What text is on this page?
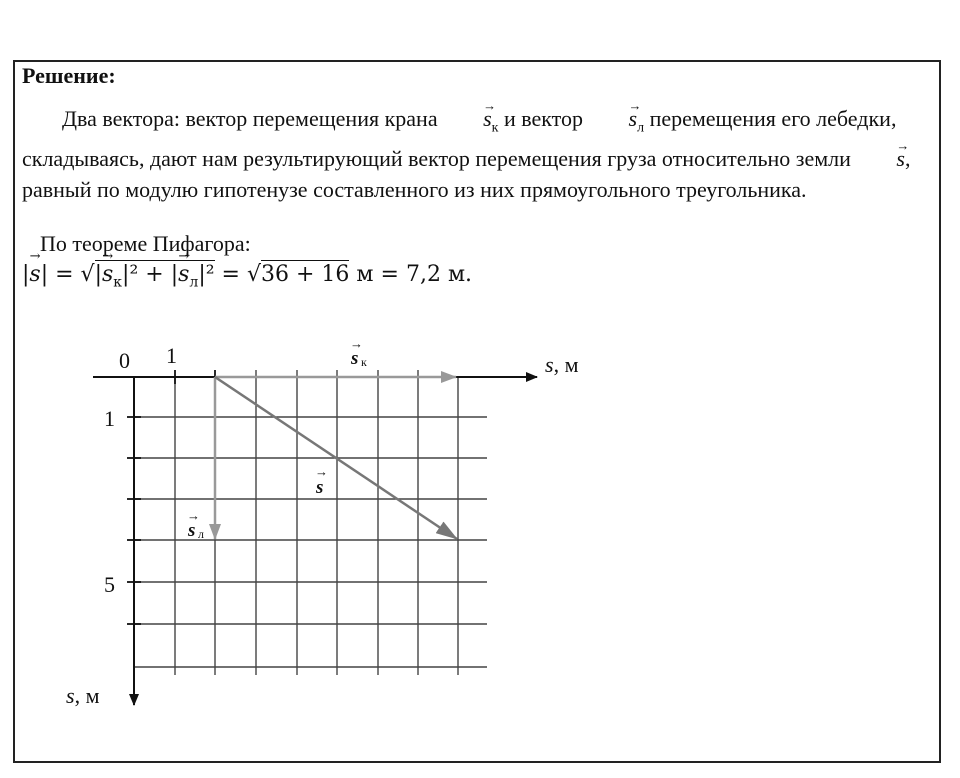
Решение:
Два вектора: вектор перемещения крана → $s_к$ и вектор → $s_л$ перемещения его лебедки, складываясь, дают нам результирующий вектор перемещения груза относительно земли → s, равный по модулю гипотенузе составленного из них прямоугольного треугольника.
По теореме Пифагора:
|→ s| = √|→ $s_к|^2$ + |→ $s_л|^2 = √36 + 16$ м = 7,2 м.
0 1
1
5
s, м
s, м
→
s к
→
s л
→
s
